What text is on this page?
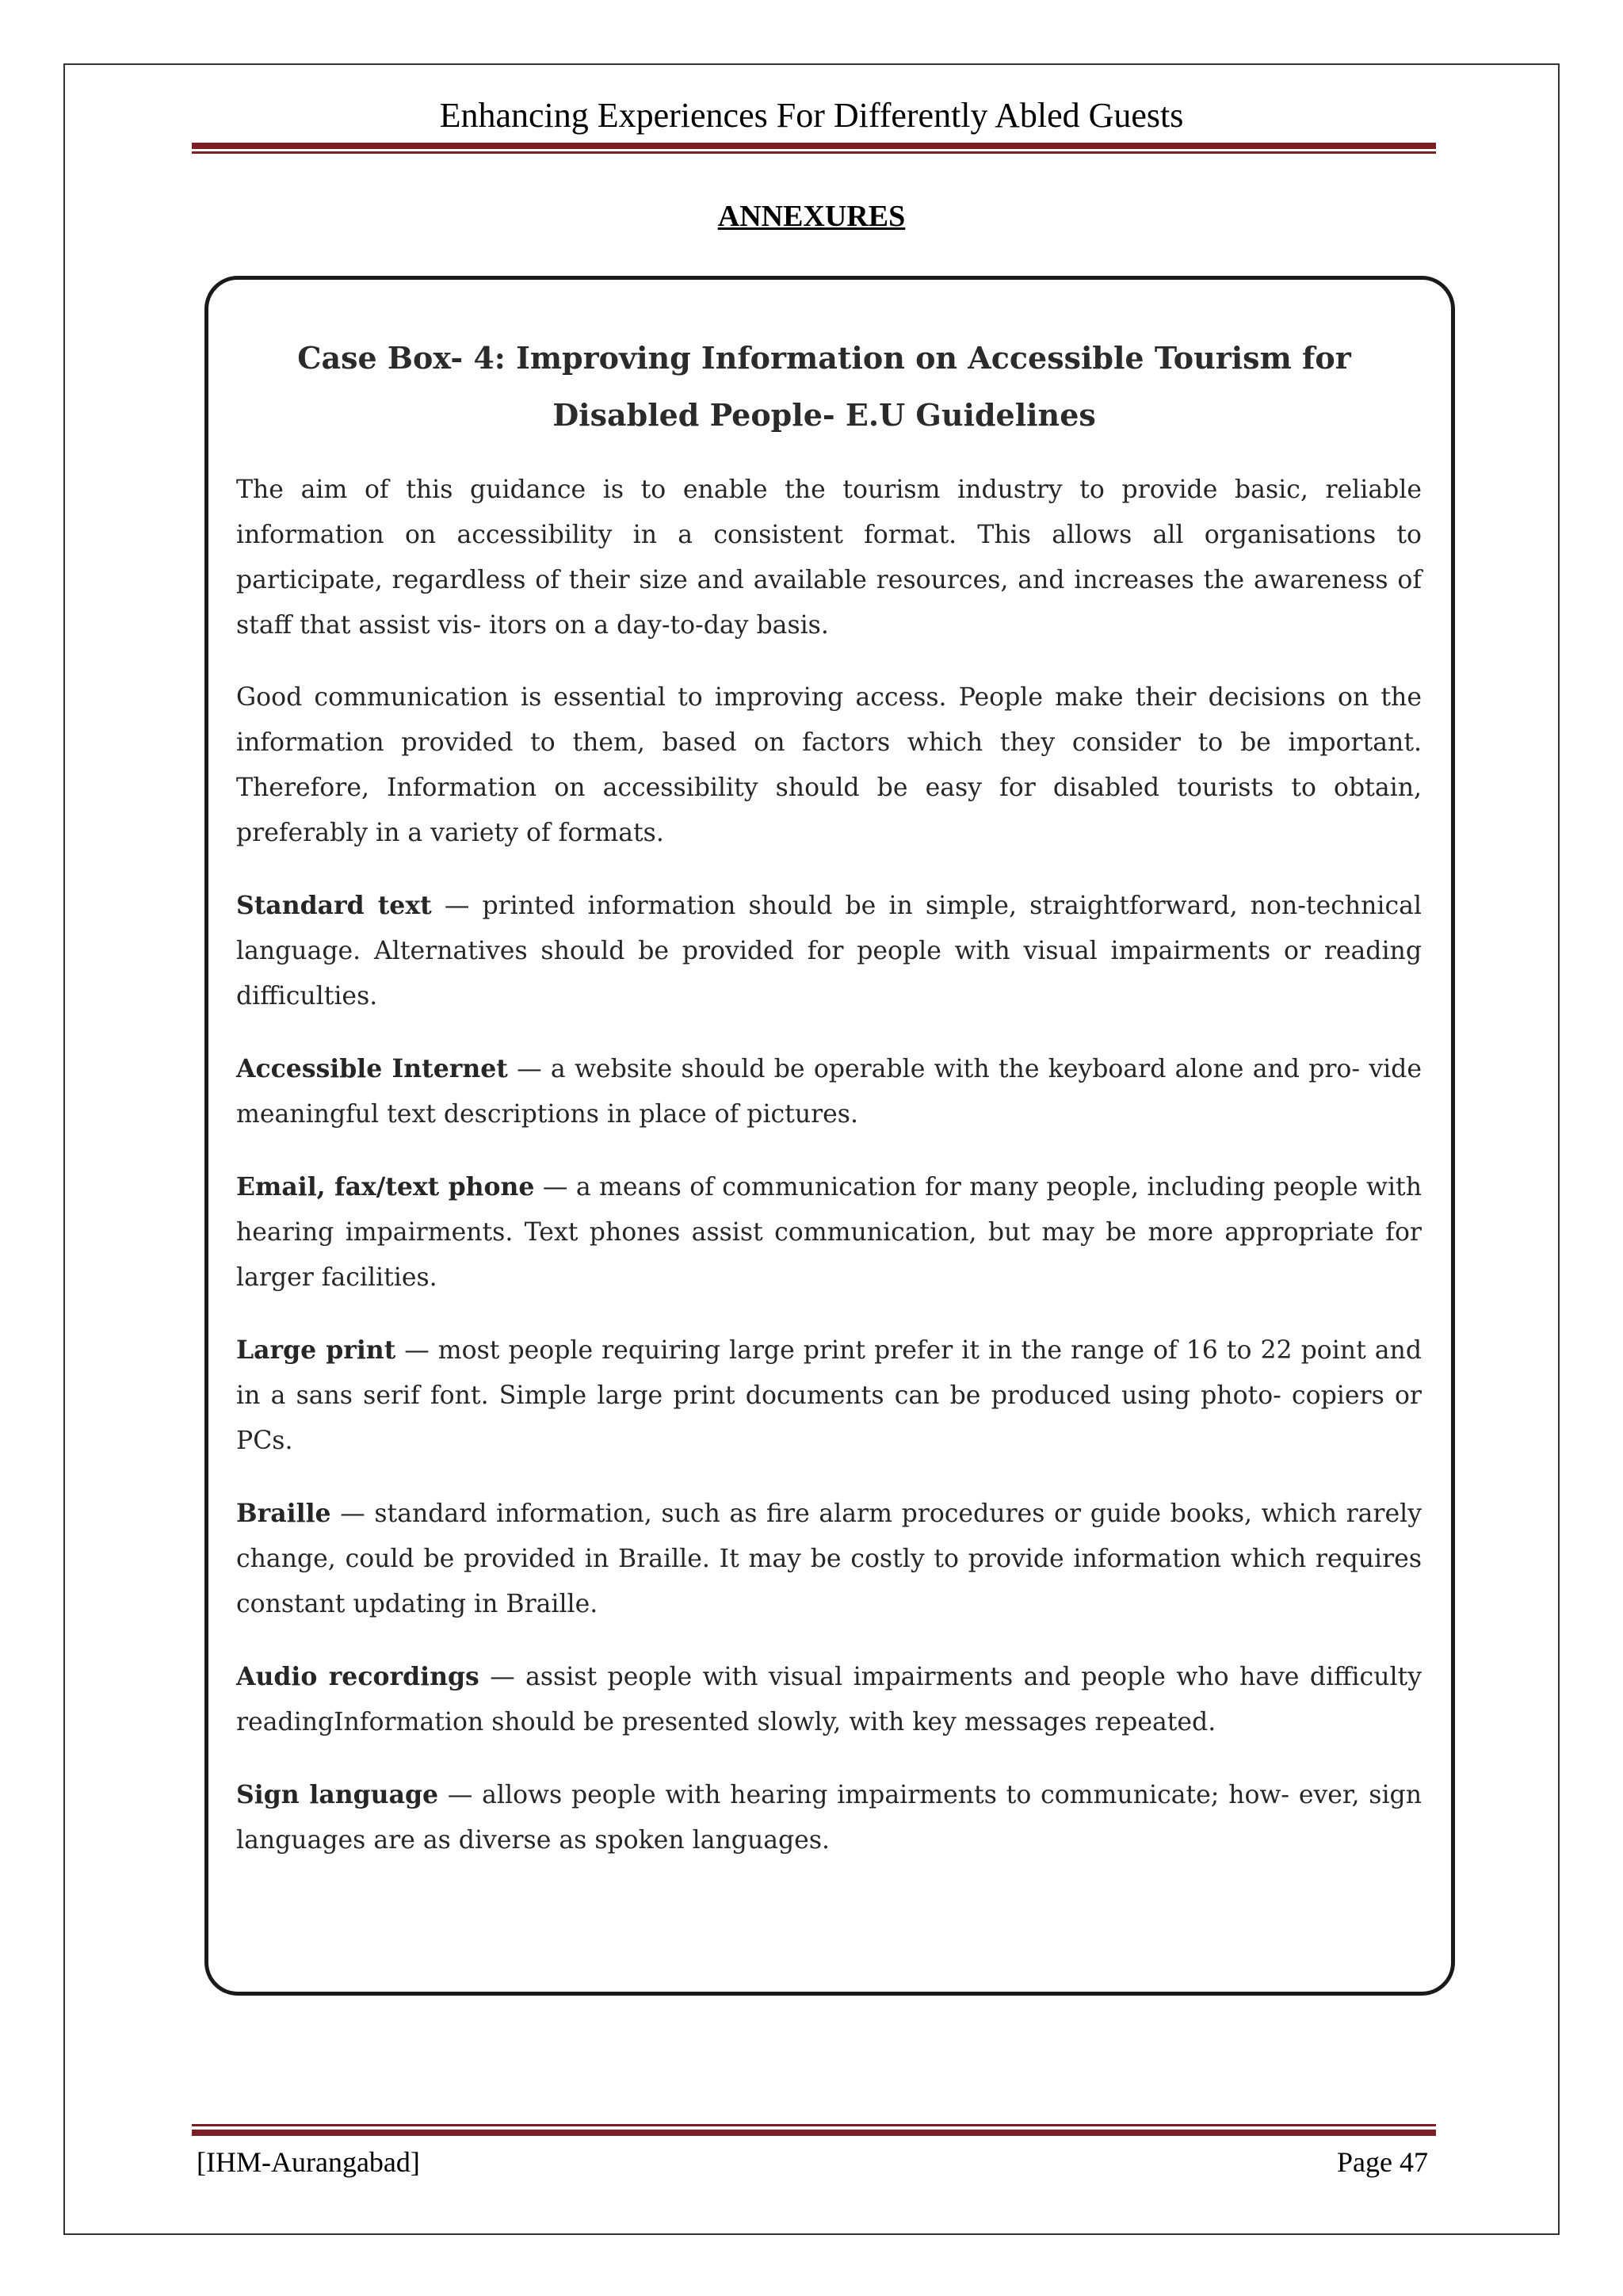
Enhancing Experiences For Differently Abled Guests
ANNEXURES
Case Box- 4: Improving Information on Accessible Tourism for
Disabled People- E.U Guidelines

The aim of this guidance is to enable the tourism industry to provide basic, reliable information on accessibility in a consistent format. This allows all organisations to participate, regardless of their size and available resources, and increases the awareness of staff that assist vis- itors on a day-to-day basis.

Good communication is essential to improving access. People make their decisions on the information provided to them, based on factors which they consider to be important. Therefore, Information on accessibility should be easy for disabled tourists to obtain, preferably in a variety of formats.

Standard text — printed information should be in simple, straightforward, non-technical language. Alternatives should be provided for people with visual impairments or reading difficulties.

Accessible Internet — a website should be operable with the keyboard alone and pro- vide meaningful text descriptions in place of pictures.

Email, fax/text phone — a means of communication for many people, including people with hearing impairments. Text phones assist communication, but may be more appropriate for larger facilities.

Large print — most people requiring large print prefer it in the range of 16 to 22 point and in a sans serif font. Simple large print documents can be produced using photo- copiers or PCs.

Braille — standard information, such as fire alarm procedures or guide books, which rarely change, could be provided in Braille. It may be costly to provide information which requires constant updating in Braille.

Audio recordings — assist people with visual impairments and people who have difficulty readingInformation should be presented slowly, with key messages repeated.

Sign language — allows people with hearing impairments to communicate; how- ever, sign languages are as diverse as spoken languages.

[IHM-Aurangabad]	Page 47
